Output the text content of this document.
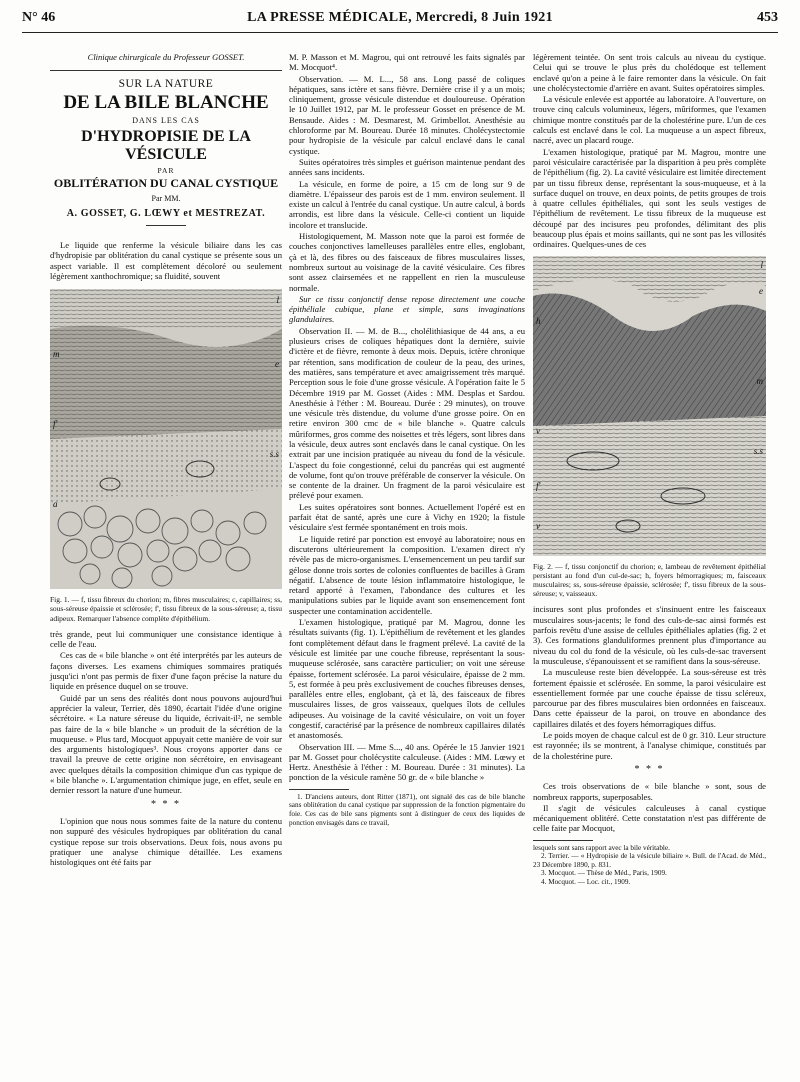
N° 46	LA PRESSE MÉDICALE, Mercredi, 8 Juin 1921	453
Clinique chirurgicale du Professeur GOSSET.
SUR LA NATURE
DE LA BILE BLANCHE
DANS LES CAS
D'HYDROPISIE DE LA VÉSICULE
PAR
OBLITÉRATION DU CANAL CYSTIQUE
Par MM.
A. GOSSET, G. LŒWY et MESTREZAT.

Le liquide que renferme la vésicule biliaire dans les cas d'hydropisie par oblitération du canal cystique se présente sous un aspect variable. Il est complètement décoloré ou seulement légèrement xanthochromique; sa fluidité, souvent

l
m
e
f'
s.s
a
Fig. 1. — f, tissu fibreux du chorion; m, fibres musculaires; c, capillaires; ss, sous-séreuse épaissie et sclérosée; f', tissu fibreux de la sous-séreuse; a, tissu adipeux. Remarquer l'absence complète d'épithélium.

très grande, peut lui communiquer une consistance identique à celle de l'eau.

Ces cas de « bile blanche » ont été interprétés par les auteurs de façons diverses. Les examens chimiques sommaires pratiqués jusqu'ici n'ont pas permis de fixer d'une façon précise la nature du liquide en présence duquel on se trouve.

Guidé par un sens des réalités dont nous pouvons aujourd'hui apprécier la valeur, Terrier, dès 1890, écartait l'idée d'une origine sécrétoire. « La nature séreuse du liquide, écrivait-il², ne semble pas faire de la « bile blanche » un produit de la sécrétion de la muqueuse. » Plus tard, Mocquot appuyait cette manière de voir sur des arguments histologiques³. Nous croyons apporter dans ce travail la preuve de cette origine non sécrétoire, en envisageant avec quelques détails la composition chimique d'un cas typique de « bile blanche ». L'argumentation chimique juge, en effet, seule en dernier ressort la nature d'une humeur.

* * *

L'opinion que nous nous sommes faite de la nature du contenu non suppuré des vésicules hydropiques par oblitération du canal cystique repose sur trois observations. Deux fois, nous avons pu pratiquer une analyse chimique détaillée. Les examens histologiques ont été faits par

M. P. Masson et M. Magrou, qui ont retrouvé les faits signalés par M. Mocquot⁴.

Observation. — M. L..., 58 ans. Long passé de coliques hépatiques, sans ictère et sans fièvre. Dernière crise il y a un mois; cliniquement, grosse vésicule distendue et douloureuse. Opération le 10 Juillet 1912, par M. le professeur Gosset en présence de M. Bensaude. Aides : M. Desmarest, M. Grimbellot. Anesthésie au chloroforme par M. Boureau. Durée 18 minutes. Cholécystectomie pour hydropisie de la vésicule par calcul enclavé dans le canal cystique.

Suites opératoires très simples et guérison maintenue pendant des années sans incidents.

La vésicule, en forme de poire, a 15 cm de long sur 9 de diamètre. L'épaisseur des parois est de 1 mm. environ seulement. Il existe un calcul à l'entrée du canal cystique. Un autre calcul, à bords arrondis, est libre dans la vésicule. Celle-ci contient un liquide incolore et translucide.

Histologiquement, M. Masson note que la paroi est formée de couches conjonctives lamelleuses parallèles entre elles, englobant, çà et là, des fibres ou des faisceaux de fibres musculaires lisses, nombreux surtout au voisinage de la cavité vésiculaire. Ces fibres sont assez clairsemées et ne rappellent en rien la musculeuse normale.

Sur ce tissu conjonctif dense repose directement une couche épithéliale cubique, plane et simple, sans invaginations glandulaires.

Observation II. — M. de B..., cholélithiasique de 44 ans, a eu plusieurs crises de coliques hépatiques dont la dernière, suivie d'ictère et de fièvre, remonte à deux mois. Depuis, ictère chronique par rétention, sans modification de couleur de la peau, des urines, des matières, sans température et avec amaigrissement très marqué. Perception sous le foie d'une grosse vésicule. A l'opération faite le 5 Décembre 1919 par M. Gosset (Aides : MM. Desplas et Sardou. Anesthésie à l'éther : M. Boureau. Durée : 29 minutes), on trouve une vésicule très distendue, du volume d'une grosse poire. On en retire environ 300 cmc de « bile blanche ». Quatre calculs mûriformes, gros comme des noisettes et très légers, sont libres dans la vésicule, deux autres sont enclavés dans le canal cystique. On les extrait par une incision pratiquée au niveau du fond de la vésicule. L'aspect du foie congestionné, celui du pancréas qui est augmenté de volume, font qu'on trouve préférable de conserver la vésicule. On se contente de la drainer. Un fragment de la paroi vésiculaire est prélevé pour examen.

Les suites opératoires sont bonnes. Actuellement l'opéré est en parfait état de santé, après une cure à Vichy en 1920; la fistule vésiculaire s'est fermée spontanément en trois mois.

Le liquide retiré par ponction est envoyé au laboratoire; nous en discuterons ultérieurement la composition. L'examen direct n'y révèle pas de micro-organismes. L'ensemencement un peu tardif sur gélose donne trois sortes de colonies confluentes de bacilles à Gram négatif. L'absence de toute lésion inflammatoire histologique, le retard apporté à l'examen, l'abondance des cultures et les manipulations subies par le liquide avant son ensemencement font suspecter une contamination accidentelle.

L'examen histologique, pratiqué par M. Magrou, donne les résultats suivants (fig. 1). L'épithélium de revêtement et les glandes font complètement défaut dans le fragment prélevé. La cavité de la vésicule est limitée par une couche fibreuse, représentant la sous-muqueuse sclérosée, sans caractère particulier; on voit une séreuse épaisse, fortement sclérosée. La paroi vésiculaire, épaisse de 2 mm. 5, est formée à peu près exclusivement de couches fibreuses denses, parallèles entre elles, englobant, çà et là, des faisceaux de fibres musculaires lisses, de gros vaisseaux, quelques îlots de cellules adipeuses. Au voisinage de la cavité vésiculaire, on voit un foyer congestif, caractérisé par la présence de nombreux capillaires dilatés et anastomosés.

Observation III. — Mme S..., 40 ans. Opérée le 15 Janvier 1921 par M. Gosset pour cholécystite calculeuse. (Aides : MM. Lœwy et Hertz. Anesthésie à l'éther : M. Boureau. Durée : 31 minutes). La ponction de la vésicule ramène 50 gr. de « bile blanche »

1. D'anciens auteurs, dont Ritter (1871), ont signalé des cas de bile blanche sans oblitération du canal cystique par suppression de la fonction pigmentaire du foie. Ces cas de bile sans pigments sont à distinguer de ceux des liquides de ponction envisagés dans ce travail,

légèrement teintée. On sent trois calculs au niveau du cystique. Celui qui se trouve le plus près du cholédoque est tellement enclavé qu'on a peine à le faire remonter dans la vésicule. On fait une cholécystectomie d'arrière en avant. Suites opératoires simples.

La vésicule enlevée est apportée au laboratoire. A l'ouverture, on trouve cinq calculs volumineux, légers, mûriformes, que l'examen chimique montre constitués par de la cholestérine pure. L'un de ces calculs est enclavé dans le col. La muqueuse a un aspect fibreux, nacré, avec un placard rouge.

L'examen histologique, pratiqué par M. Magrou, montre une paroi vésiculaire caractérisée par la disparition à peu près complète de l'épithélium (fig. 2). La cavité vésiculaire est limitée directement par un tissu fibreux dense, représentant la sous-muqueuse, et à la surface duquel on trouve, en deux points, de petits groupes de trois à quatre cellules épithéliales, qui sont les seuls vestiges de l'épithélium de revêtement. Le tissu fibreux de la muqueuse est découpé par des incisures peu profondes, délimitant des plis beaucoup plus épais et moins saillants, qui ne sont pas les villosités ordinaires. Quelques-unes de ces

l
e
h
m
v
s.s
f'
v
Fig. 2. — f, tissu conjonctif du chorion; e, lambeau de revêtement épithélial persistant au fond d'un cul-de-sac; h, foyers hémorragiques; m, faisceaux musculaires; ss, sous-séreuse épaissie, sclérosée; f', tissu fibreux de la sous-séreuse; v, vaisseaux.

incisures sont plus profondes et s'insinuent entre les faisceaux musculaires sous-jacents; le fond des culs-de-sac ainsi formés est parfois revêtu d'une assise de cellules épithéliales aplaties (fig. 2 et 3). Ces formations glanduliformes prennent plus d'importance au niveau du col du fond de la vésicule, où les culs-de-sac traversent la musculeuse, s'épanouissent et se ramifient dans la sous-séreuse.

La musculeuse reste bien développée. La sous-séreuse est très fortement épaissie et sclérosée. En somme, la paroi vésiculaire est essentiellement formée par une couche épaisse de tissu scléreux, parcourue par des fibres musculaires bien ordonnées en faisceaux. Dans cette épaisseur de la paroi, on trouve en abondance des capillaires dilatés et des foyers hémorragiques diffus.

Le poids moyen de chaque calcul est de 0 gr. 310. Leur structure est rayonnée; ils se montrent, à l'analyse chimique, constitués par de la cholestérine pure.

* * *

Ces trois observations de « bile blanche » sont, sous de nombreux rapports, superposables.

Il s'agit de vésicules calculeuses à canal cystique mécaniquement oblitéré. Cette constatation n'est pas différente de celle faite par Mocquot,

lesquels sont sans rapport avec la bile véritable.

2. Terrier. — « Hydropisie de la vésicule biliaire ». Bull. de l'Acad. de Méd., 23 Décembre 1890, p. 831.

3. Mocquot. — Thèse de Méd., Paris, 1909.

4. Mocquot. — Loc. cit., 1909.
